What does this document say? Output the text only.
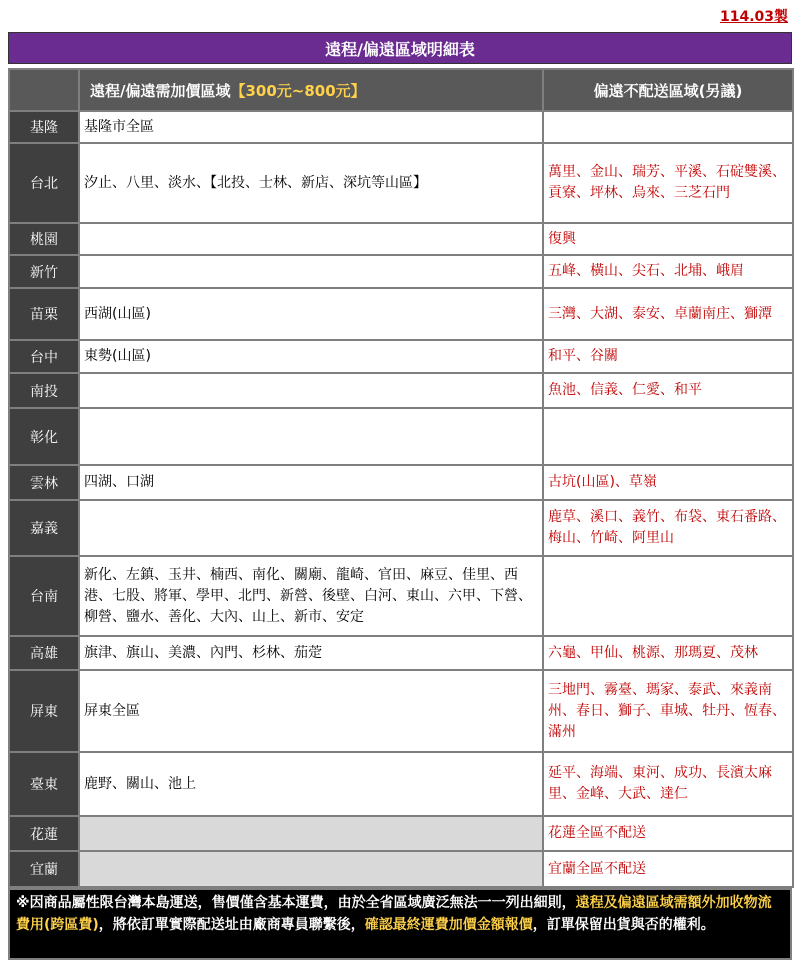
114.03製
遠程/偏遠區域明細表
	遠程/偏遠需加價區域【300元~800元】	偏遠不配送區域(另議)
基隆	基隆市全區	
台北	汐止、八里、淡水、【北投、士林、新店、深坑等山區】	萬里、金山、瑞芳、平溪、石碇雙溪、貢寮、坪林、烏來、三芝石門
桃園		復興
新竹		五峰、橫山、尖石、北埔、峨眉
苗栗	西湖(山區)	三灣、大湖、泰安、卓蘭南庄、獅潭
台中	東勢(山區)	和平、谷關
南投		魚池、信義、仁愛、和平
彰化		
雲林	四湖、口湖	古坑(山區)、草嶺
嘉義		鹿草、溪口、義竹、布袋、東石番路、梅山、竹崎、阿里山
台南	新化、左鎮、玉井、楠西、南化、關廟、龍崎、官田、麻豆、佳里、西港、七股、將軍、學甲、北門、新營、後壁、白河、東山、六甲、下營、柳營、鹽水、善化、大內、山上、新市、安定	
高雄	旗津、旗山、美濃、內門、杉林、茄萣	六龜、甲仙、桃源、那瑪夏、茂林
屏東	屏東全區	三地門、霧臺、瑪家、泰武、來義南州、春日、獅子、車城、牡丹、恆春、滿州
臺東	鹿野、關山、池上	延平、海端、東河、成功、長濱太麻里、金峰、大武、達仁
花蓮		花蓮全區不配送
宜蘭		宜蘭全區不配送
※因商品屬性限台灣本島運送，售價僅含基本運費，由於全省區域廣泛無法一一列出細則，遠程及偏遠區域需額外加收物流費用(跨區費)，將依訂單實際配送址由廠商專員聯繫後，確認最終運費加價金額報價，訂單保留出貨與否的權利。
